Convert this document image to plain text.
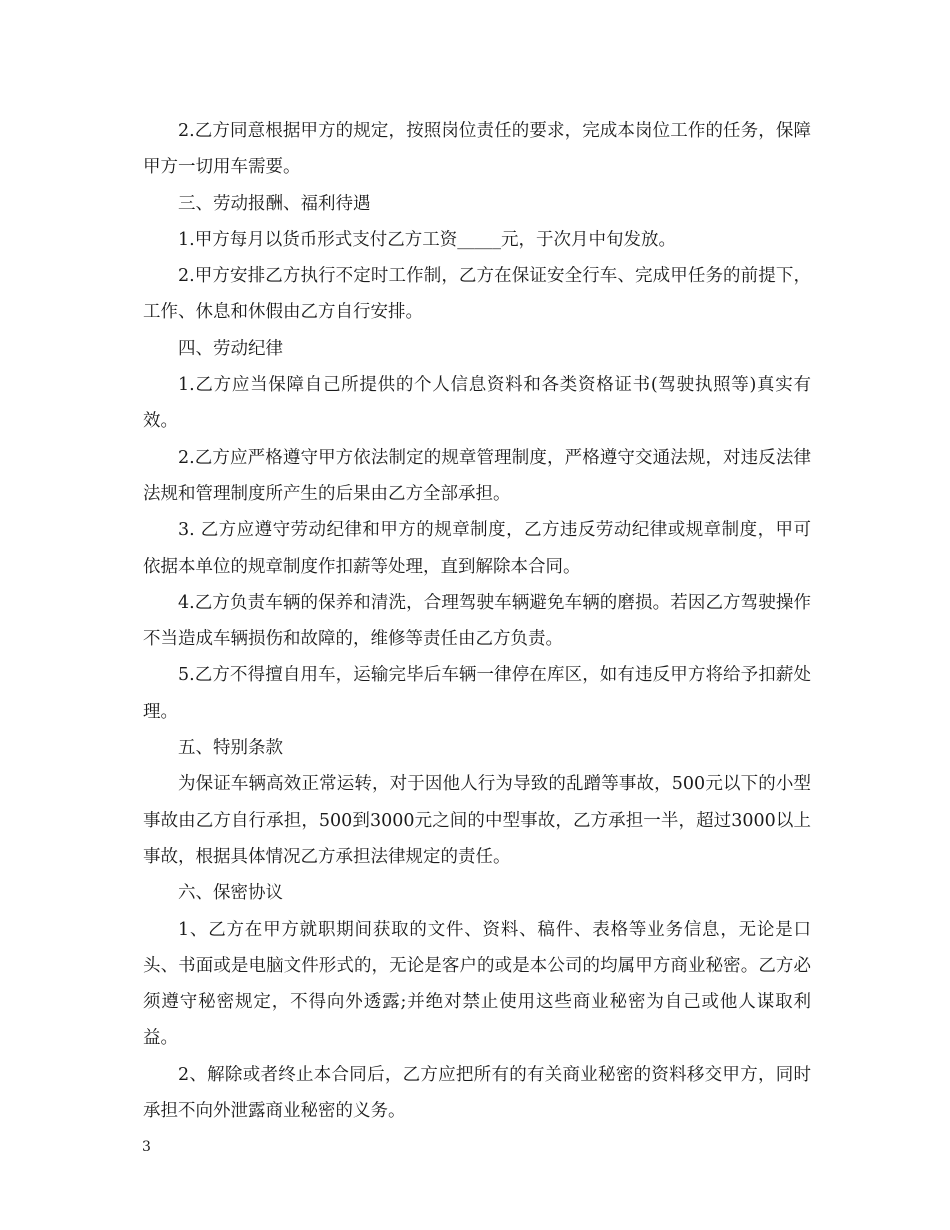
2.乙方同意根据甲方的规定，按照岗位责任的要求，完成本岗位工作的任务，保障甲方一切用车需要。

三、劳动报酬、福利待遇

1.甲方每月以货币形式支付乙方工资_____元，于次月中旬发放。

2.甲方安排乙方执行不定时工作制，乙方在保证安全行车、完成甲任务的前提下，工作、休息和休假由乙方自行安排。

四、劳动纪律

1.乙方应当保障自己所提供的个人信息资料和各类资格证书(驾驶执照等)真实有效。

2.乙方应严格遵守甲方依法制定的规章管理制度，严格遵守交通法规，对违反法律法规和管理制度所产生的后果由乙方全部承担。

3. 乙方应遵守劳动纪律和甲方的规章制度，乙方违反劳动纪律或规章制度，甲可依据本单位的规章制度作扣薪等处理，直到解除本合同。

4.乙方负责车辆的保养和清洗，合理驾驶车辆避免车辆的磨损。若因乙方驾驶操作不当造成车辆损伤和故障的，维修等责任由乙方负责。

5.乙方不得擅自用车，运输完毕后车辆一律停在库区，如有违反甲方将给予扣薪处理。

五、特别条款

为保证车辆高效正常运转，对于因他人行为导致的乱蹭等事故，500元以下的小型事故由乙方自行承担，500到3000元之间的中型事故，乙方承担一半，超过3000以上事故，根据具体情况乙方承担法律规定的责任。

六、保密协议

1、乙方在甲方就职期间获取的文件、资料、稿件、表格等业务信息，无论是口头、书面或是电脑文件形式的，无论是客户的或是本公司的均属甲方商业秘密。乙方必须遵守秘密规定，不得向外透露;并绝对禁止使用这些商业秘密为自己或他人谋取利益。

2、解除或者终止本合同后，乙方应把所有的有关商业秘密的资料移交甲方，同时承担不向外泄露商业秘密的义务。

3
